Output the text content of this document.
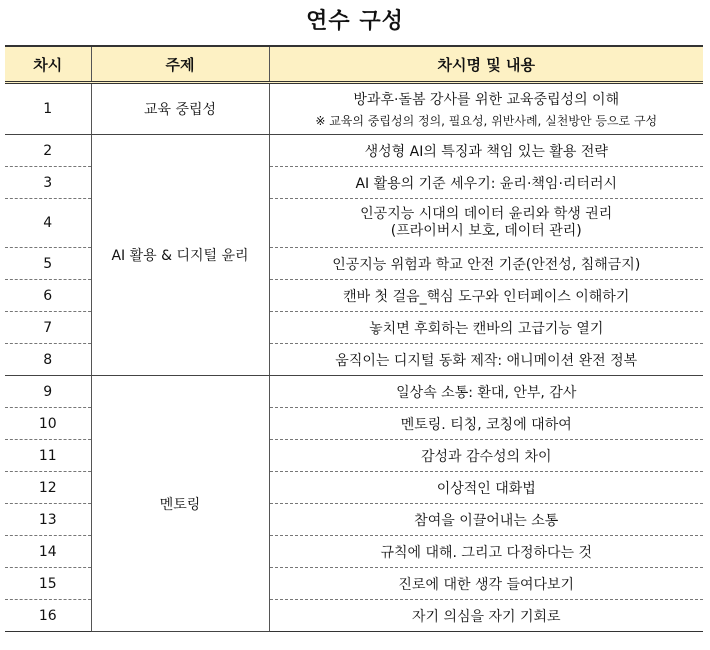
연수 구성
차시	주제	차시명 및 내용
1	교육 중립성	방과후·돌봄 강사를 위한 교육중립성의 이해
※ 교육의 중립성의 정의, 필요성, 위반사례, 실천방안 등으로 구성

2	AI 활용 & 디지털 윤리	생성형 AI의 특징과 책임 있는 활용 전략
3		AI 활용의 기준 세우기: 윤리·책임·리터러시
4		인공지능 시대의 데이터 윤리와 학생 권리
(프라이버시 보호, 데이터 관리)

5		인공지능 위험과 학교 안전 기준(안전성, 침해금지)
6		캔바 첫 걸음_핵심 도구와 인터페이스 이해하기
7		놓치면 후회하는 캔바의 고급기능 열기
8		움직이는 디지털 동화 제작: 애니메이션 완전 정복
9	멘토링	일상속 소통: 환대, 안부, 감사
10		멘토링. 티칭, 코칭에 대하여
11		감성과 감수성의 차이
12		이상적인 대화법
13		참여을 이끌어내는 소통
14		규칙에 대해. 그리고 다정하다는 것
15		진로에 대한 생각 들여다보기
16		자기 의심을 자기 기회로
